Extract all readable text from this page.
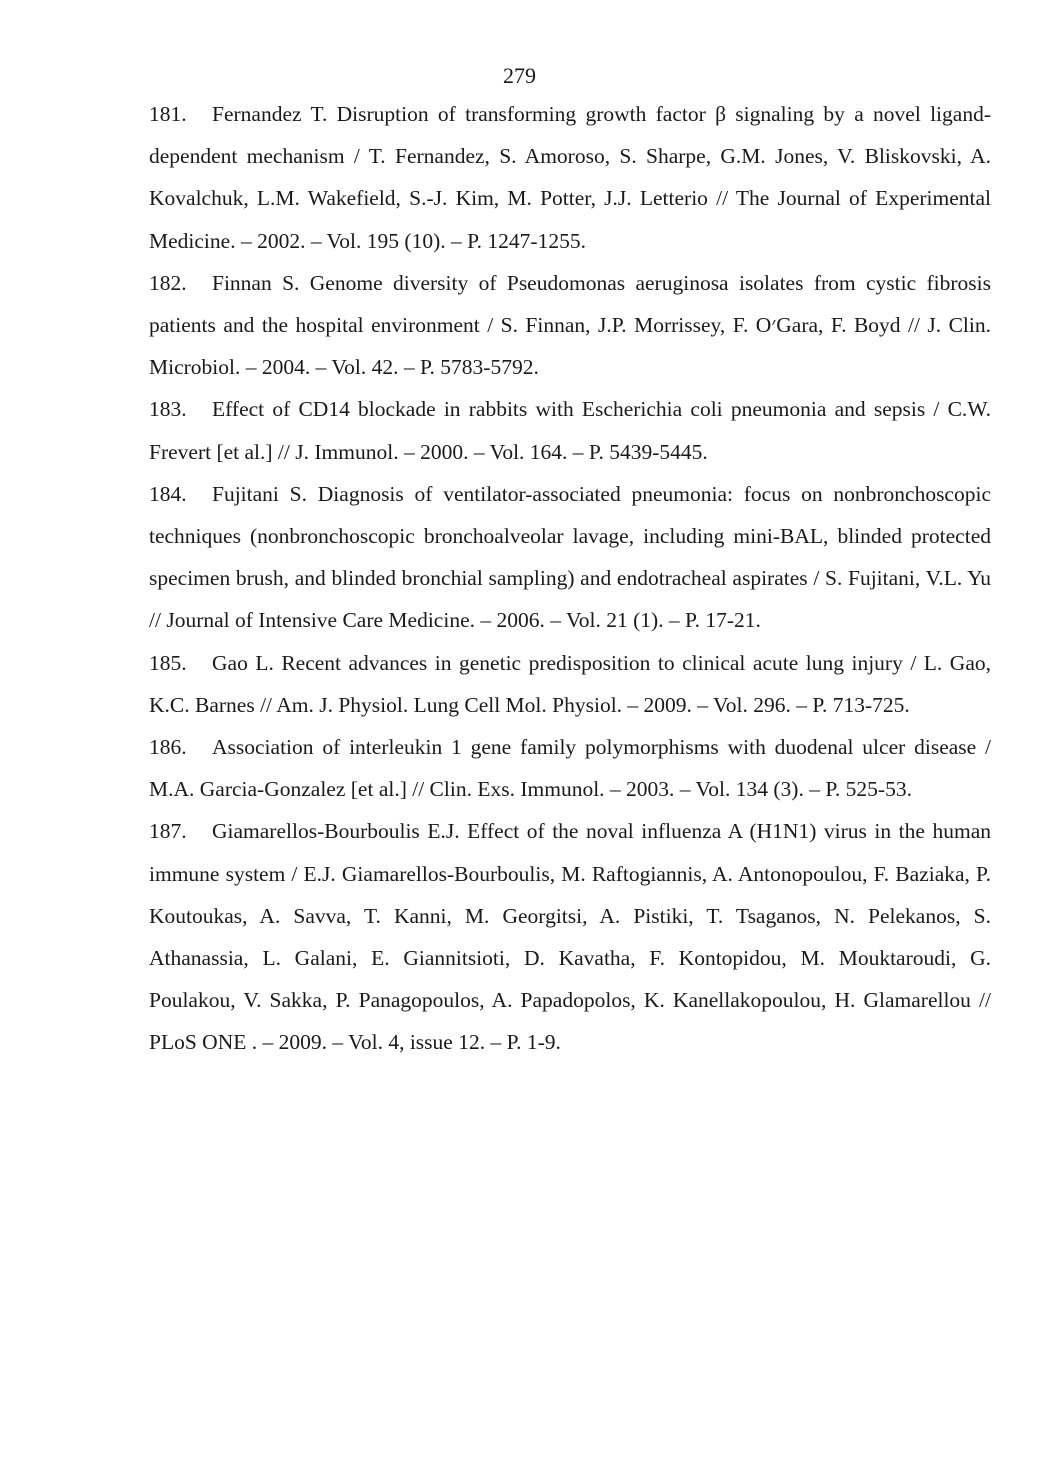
279

181. Fernandez T. Disruption of transforming growth factor β signaling by a novel ligand-dependent mechanism / T. Fernandez, S. Amoroso, S. Sharpe, G.M. Jones, V. Bliskovski, A. Kovalchuk, L.M. Wakefield, S.-J. Kim, M. Potter, J.J. Letterio // The Journal of Experimental Medicine. – 2002. – Vol. 195 (10). – P. 1247-1255.

182. Finnan S. Genome diversity of Pseudomonas aeruginosa isolates from cystic fibrosis patients and the hospital environment / S. Finnan, J.P. Morrissey, F. O׳Gara, F. Boyd // J. Clin. Microbiol. – 2004. – Vol. 42. – P. 5783-5792.

183. Effect of CD14 blockade in rabbits with Escherichia coli pneumonia and sepsis / C.W. Frevert [et al.] // J. Immunol. – 2000. – Vol. 164. – P. 5439-5445.

184. Fujitani S. Diagnosis of ventilator-associated pneumonia: focus on nonbronchoscopic techniques (nonbronchoscopic bronchoalveolar lavage, including mini-BAL, blinded protected specimen brush, and blinded bronchial sampling) and endotracheal aspirates / S. Fujitani, V.L. Yu // Journal of Intensive Care Medicine. – 2006. – Vol. 21 (1). – P. 17-21.

185. Gao L. Recent advances in genetic predisposition to clinical acute lung injury / L. Gao, K.C. Barnes // Am. J. Physiol. Lung Cell Mol. Physiol. – 2009. – Vol. 296. – P. 713-725.

186. Association of interleukin 1 gene family polymorphisms with duodenal ulcer disease / M.A. Garcia-Gonzalez [et al.] // Clin. Exs. Immunol. – 2003. – Vol. 134 (3). – P. 525-53.

187. Giamarellos-Bourboulis E.J. Effect of the noval influenza A (H1N1) virus in the human immune system / E.J. Giamarellos-Bourboulis, M. Raftogiannis, A. Antonopoulou, F. Baziaka, P. Koutoukas, A. Savva, T. Kanni, M. Georgitsi, A. Pistiki, T. Tsaganos, N. Pelekanos, S. Athanassia, L. Galani, E. Giannitsioti, D. Kavatha, F. Kontopidou, M. Mouktaroudi, G. Poulakou, V. Sakka, P. Panagopoulos, A. Papadopolos, K. Kanellakopoulou, H. Glamarellou // PLoS ONE . – 2009. – Vol. 4, issue 12. – P. 1-9.
